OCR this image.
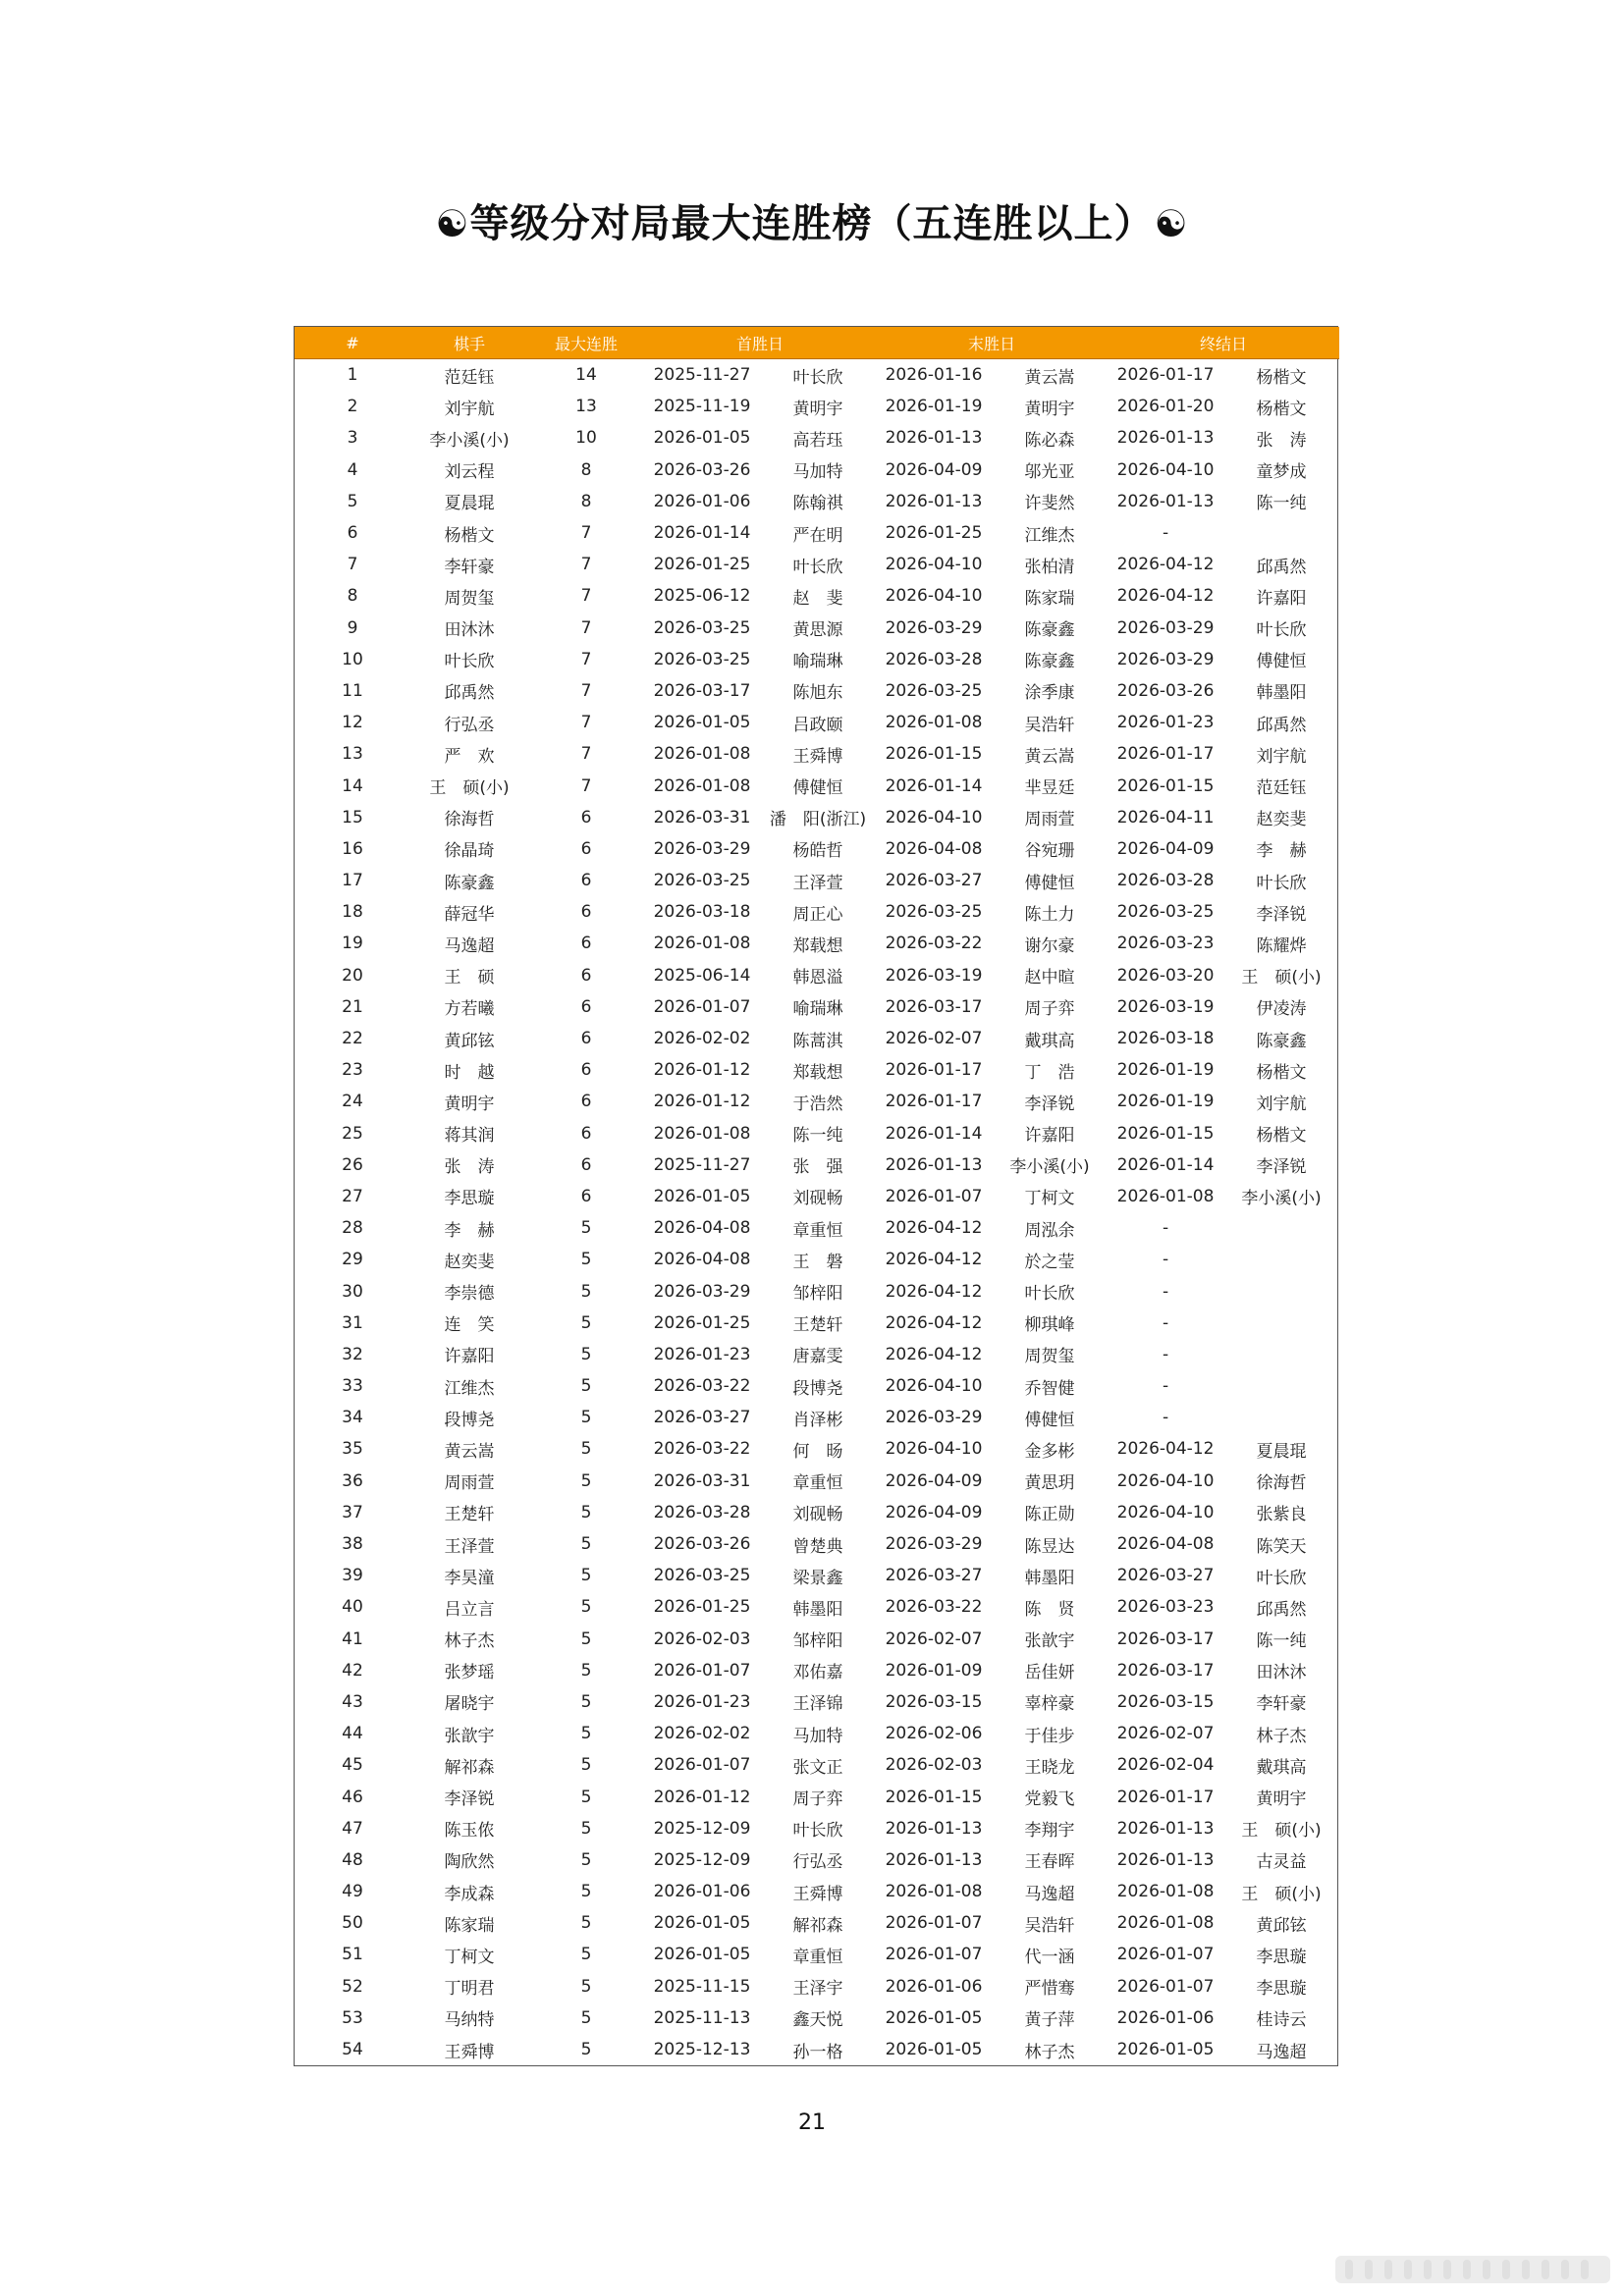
☯等级分对局最大连胜榜（五连胜以上）☯
#	棋手	最大连胜	首胜日		末胜日		终结日	
1	范廷钰	14	2025-11-27	叶长欣	2026-01-16	黄云嵩	2026-01-17	杨楷文
2	刘宇航	13	2025-11-19	黄明宇	2026-01-19	黄明宇	2026-01-20	杨楷文
3	李小溪(小)	10	2026-01-05	高若珏	2026-01-13	陈必森	2026-01-13	张　涛
4	刘云程	8	2026-03-26	马加特	2026-04-09	邬光亚	2026-04-10	童梦成
5	夏晨琨	8	2026-01-06	陈翰祺	2026-01-13	许斐然	2026-01-13	陈一纯
6	杨楷文	7	2026-01-14	严在明	2026-01-25	江维杰	-	
7	李轩豪	7	2026-01-25	叶长欣	2026-04-10	张柏清	2026-04-12	邱禹然
8	周贺玺	7	2025-06-12	赵　斐	2026-04-10	陈家瑞	2026-04-12	许嘉阳
9	田沐沐	7	2026-03-25	黄思源	2026-03-29	陈豪鑫	2026-03-29	叶长欣
10	叶长欣	7	2026-03-25	喻瑞琳	2026-03-28	陈豪鑫	2026-03-29	傅健恒
11	邱禹然	7	2026-03-17	陈旭东	2026-03-25	涂季康	2026-03-26	韩墨阳
12	行弘丞	7	2026-01-05	吕政颐	2026-01-08	吴浩轩	2026-01-23	邱禹然
13	严　欢	7	2026-01-08	王舜博	2026-01-15	黄云嵩	2026-01-17	刘宇航
14	王　硕(小)	7	2026-01-08	傅健恒	2026-01-14	芈昱廷	2026-01-15	范廷钰
15	徐海哲	6	2026-03-31	潘　阳(浙江)	2026-04-10	周雨萱	2026-04-11	赵奕斐
16	徐晶琦	6	2026-03-29	杨皓哲	2026-04-08	谷宛珊	2026-04-09	李　赫
17	陈豪鑫	6	2026-03-25	王泽萱	2026-03-27	傅健恒	2026-03-28	叶长欣
18	薛冠华	6	2026-03-18	周正心	2026-03-25	陈土力	2026-03-25	李泽锐
19	马逸超	6	2026-01-08	郑载想	2026-03-22	谢尔豪	2026-03-23	陈耀烨
20	王　硕	6	2025-06-14	韩恩溢	2026-03-19	赵中暄	2026-03-20	王　硕(小)
21	方若曦	6	2026-01-07	喻瑞琳	2026-03-17	周子弈	2026-03-19	伊凌涛
22	黄邱铉	6	2026-02-02	陈蒿淇	2026-02-07	戴琪高	2026-03-18	陈豪鑫
23	时　越	6	2026-01-12	郑载想	2026-01-17	丁　浩	2026-01-19	杨楷文
24	黄明宇	6	2026-01-12	于浩然	2026-01-17	李泽锐	2026-01-19	刘宇航
25	蒋其润	6	2026-01-08	陈一纯	2026-01-14	许嘉阳	2026-01-15	杨楷文
26	张　涛	6	2025-11-27	张　强	2026-01-13	李小溪(小)	2026-01-14	李泽锐
27	李思璇	6	2026-01-05	刘砚畅	2026-01-07	丁柯文	2026-01-08	李小溪(小)
28	李　赫	5	2026-04-08	章重恒	2026-04-12	周泓余	-	
29	赵奕斐	5	2026-04-08	王　磐	2026-04-12	於之莹	-	
30	李崇德	5	2026-03-29	邹梓阳	2026-04-12	叶长欣	-	
31	连　笑	5	2026-01-25	王楚轩	2026-04-12	柳琪峰	-	
32	许嘉阳	5	2026-01-23	唐嘉雯	2026-04-12	周贺玺	-	
33	江维杰	5	2026-03-22	段博尧	2026-04-10	乔智健	-	
34	段博尧	5	2026-03-27	肖泽彬	2026-03-29	傅健恒	-	
35	黄云嵩	5	2026-03-22	何　旸	2026-04-10	金多彬	2026-04-12	夏晨琨
36	周雨萱	5	2026-03-31	章重恒	2026-04-09	黄思玥	2026-04-10	徐海哲
37	王楚轩	5	2026-03-28	刘砚畅	2026-04-09	陈正勋	2026-04-10	张紫良
38	王泽萱	5	2026-03-26	曾楚典	2026-03-29	陈昱达	2026-04-08	陈笑天
39	李昊潼	5	2026-03-25	梁景鑫	2026-03-27	韩墨阳	2026-03-27	叶长欣
40	吕立言	5	2026-01-25	韩墨阳	2026-03-22	陈　贤	2026-03-23	邱禹然
41	林子杰	5	2026-02-03	邹梓阳	2026-02-07	张歆宇	2026-03-17	陈一纯
42	张梦瑶	5	2026-01-07	邓佑嘉	2026-01-09	岳佳妍	2026-03-17	田沐沐
43	屠晓宇	5	2026-01-23	王泽锦	2026-03-15	辜梓豪	2026-03-15	李轩豪
44	张歆宇	5	2026-02-02	马加特	2026-02-06	于佳步	2026-02-07	林子杰
45	解祁森	5	2026-01-07	张文正	2026-02-03	王晓龙	2026-02-04	戴琪高
46	李泽锐	5	2026-01-12	周子弈	2026-01-15	党毅飞	2026-01-17	黄明宇
47	陈玉侬	5	2025-12-09	叶长欣	2026-01-13	李翔宇	2026-01-13	王　硕(小)
48	陶欣然	5	2025-12-09	行弘丞	2026-01-13	王春晖	2026-01-13	古灵益
49	李成森	5	2026-01-06	王舜博	2026-01-08	马逸超	2026-01-08	王　硕(小)
50	陈家瑞	5	2026-01-05	解祁森	2026-01-07	吴浩轩	2026-01-08	黄邱铉
51	丁柯文	5	2026-01-05	章重恒	2026-01-07	代一涵	2026-01-07	李思璇
52	丁明君	5	2025-11-15	王泽宇	2026-01-06	严惜骞	2026-01-07	李思璇
53	马纳特	5	2025-11-13	鑫天悦	2026-01-05	黄子萍	2026-01-06	桂诗云
54	王舜博	5	2025-12-13	孙一格	2026-01-05	林子杰	2026-01-05	马逸超
21
